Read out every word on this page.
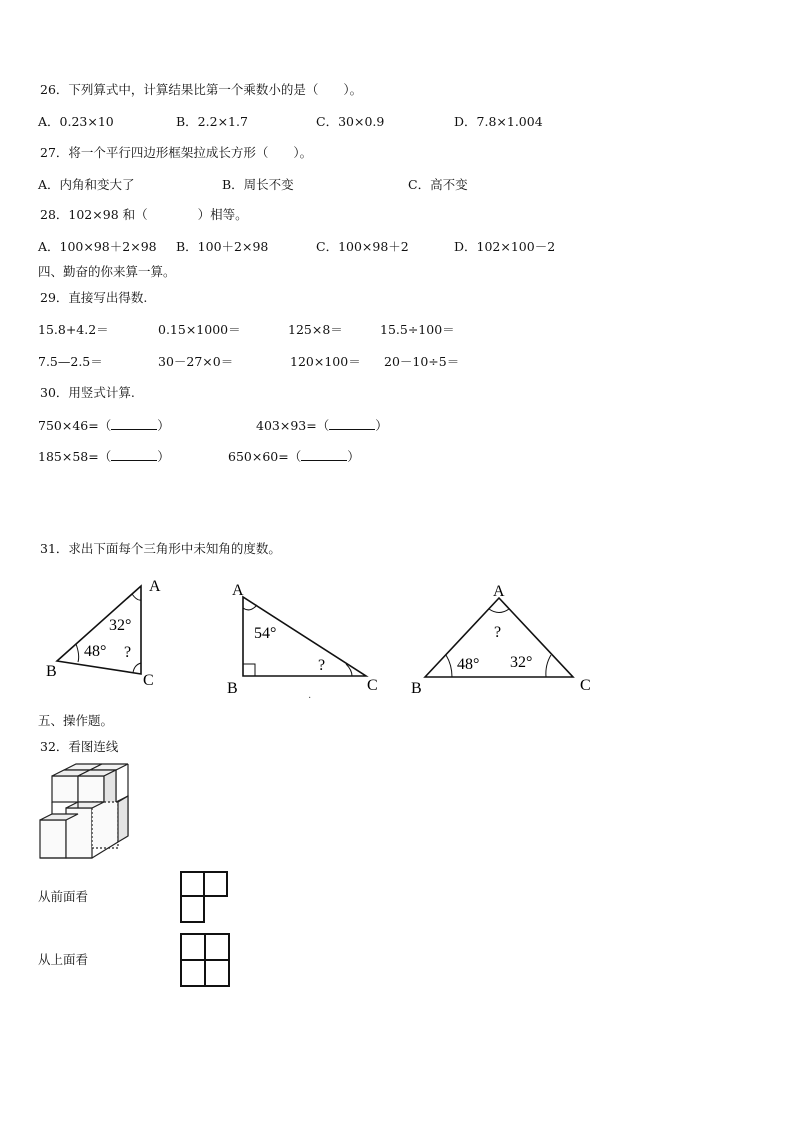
26．下列算式中，计算结果比第一个乘数小的是（　　）。
A．0.23×10	B．2.2×1.7	C．30×0.9	D．7.8×1.004
27．将一个平行四边形框架拉成长方形（　　）。
A．内角和变大了	B．周长不变	C．高不变
28．102×98 和（　　　　）相等。
A．100×98＋2×98 B．100＋2×98	C．100×98＋2	D．102×100－2
四、勤奋的你来算一算。
29．直接写出得数.
15.8+4.2＝	0.15×1000＝	125×8＝	15.5÷100＝
7.5—2.5＝	30－27×0＝	120×100＝ 20－10÷5＝
30．用竖式计算.
750×46=（	）	403×93=（	）
185×58=（	）	650×60=（	）
31．求出下面每个三角形中未知角的度数。
A
B
C
32°
48° ?
A
B	C
54°
?
·
A
B	C
?
48° 32°
五、操作题。
32．看图连线
从前面看
从上面看
